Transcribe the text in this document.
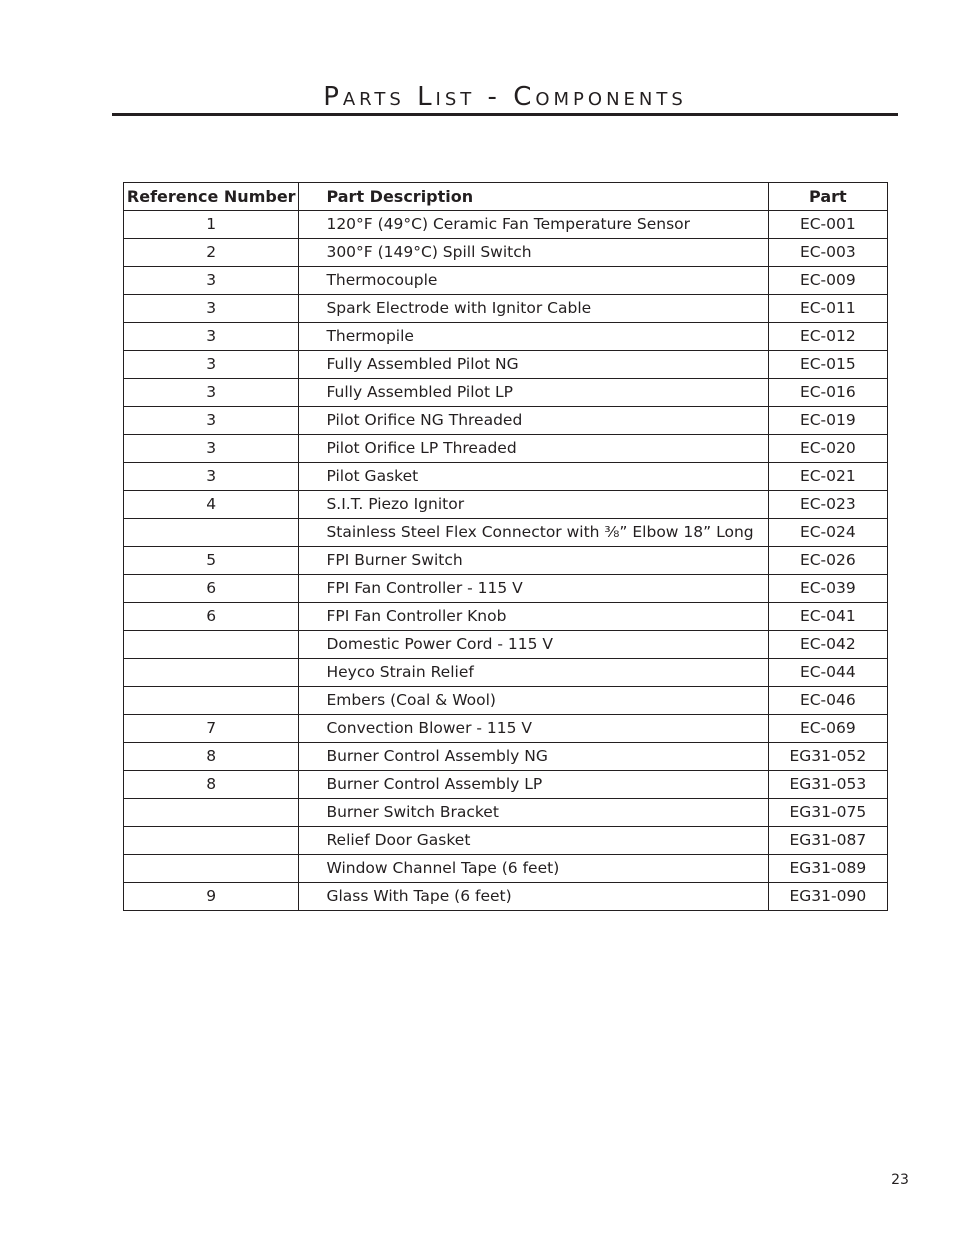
Parts List - Components
Reference Number	Part Description	Part
1	120°F (49°C) Ceramic Fan Temperature Sensor	EC-001
2	300°F (149°C) Spill Switch	EC-003
3	Thermocouple	EC-009
3	Spark Electrode with Ignitor Cable	EC-011
3	Thermopile	EC-012
3	Fully Assembled Pilot NG	EC-015
3	Fully Assembled Pilot LP	EC-016
3	Pilot Orifice NG Threaded	EC-019
3	Pilot Orifice LP Threaded	EC-020
3	Pilot Gasket	EC-021
4	S.I.T. Piezo Ignitor	EC-023
	Stainless Steel Flex Connector with ⅜” Elbow 18” Long	EC-024
5	FPI Burner Switch	EC-026
6	FPI Fan Controller - 115 V	EC-039
6	FPI Fan Controller Knob	EC-041
	Domestic Power Cord - 115 V	EC-042
	Heyco Strain Relief	EC-044
	Embers (Coal & Wool)	EC-046
7	Convection Blower - 115 V	EC-069
8	Burner Control Assembly NG	EG31-052
8	Burner Control Assembly LP	EG31-053
	Burner Switch Bracket	EG31-075
	Relief Door Gasket	EG31-087
	Window Channel Tape (6 feet)	EG31-089
9	Glass With Tape (6 feet)	EG31-090
23
